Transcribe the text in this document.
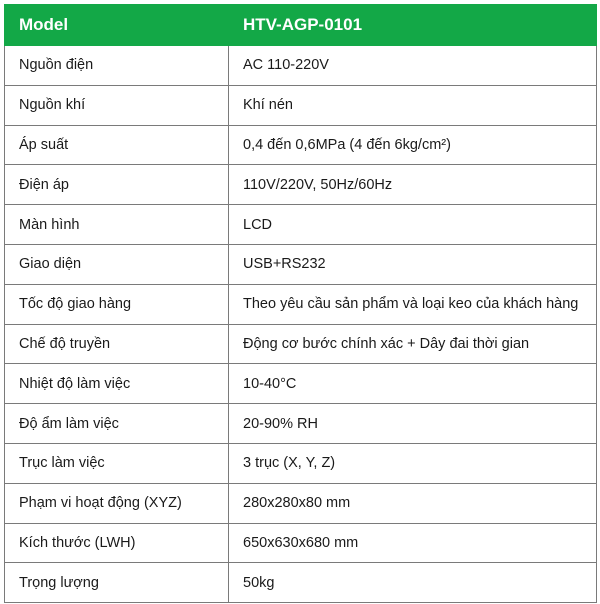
Model	HTV-AGP-0101
Nguồn điện	AC 110-220V
Nguồn khí	Khí nén
Áp suất	0,4 đến 0,6MPa (4 đến 6kg/cm²)
Điện áp	110V/220V, 50Hz/60Hz
Màn hình	LCD
Giao diện	USB+RS232
Tốc độ giao hàng	Theo yêu cầu sản phẩm và loại keo của khách hàng
Chế độ truyền	Động cơ bước chính xác + Dây đai thời gian
Nhiệt độ làm việc	10-40°C
Độ ẩm làm việc	20-90% RH
Trục làm việc	3 trục (X, Y, Z)
Phạm vi hoạt động (XYZ)	280x280x80 mm
Kích thước (LWH)	650x630x680 mm
Trọng lượng	50kg
